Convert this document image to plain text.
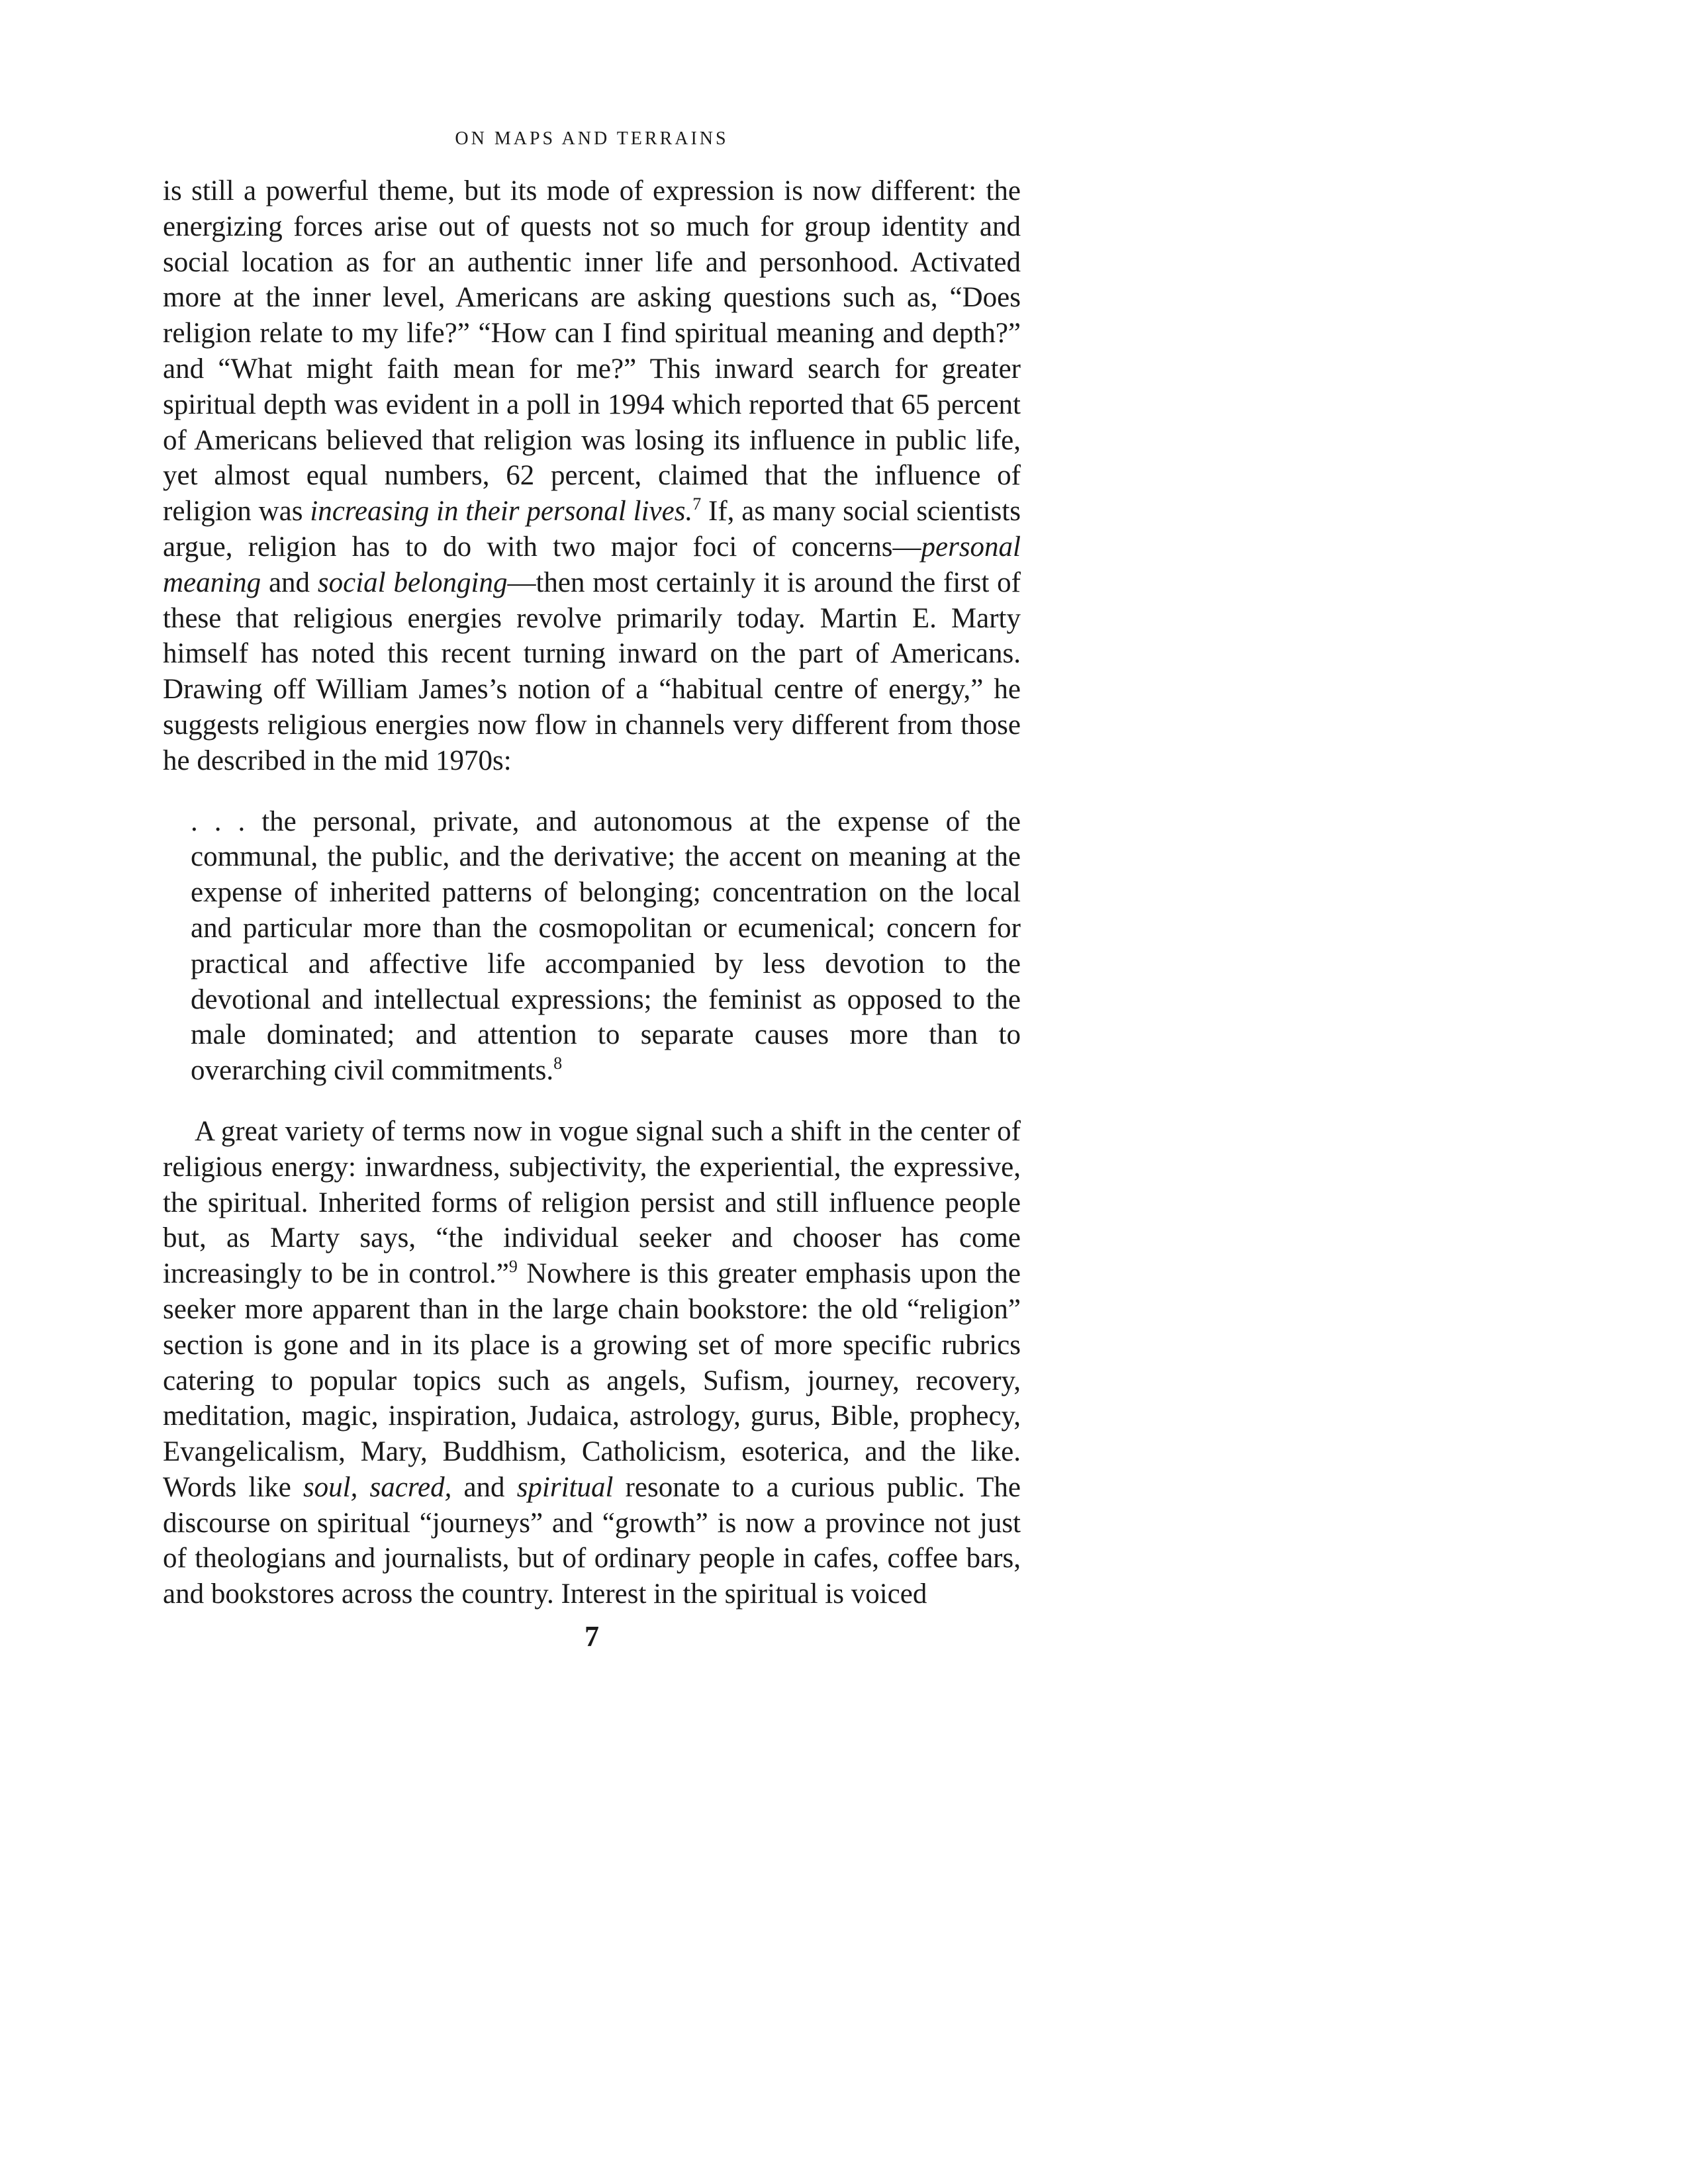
ON MAPS AND TERRAINS

is still a powerful theme, but its mode of expression is now different: the energizing forces arise out of quests not so much for group identity and social location as for an authentic inner life and personhood. Activated more at the inner level, Americans are asking questions such as, “Does religion relate to my life?” “How can I find spiritual meaning and depth?” and “What might faith mean for me?” This inward search for greater spiritual depth was evident in a poll in 1994 which reported that 65 percent of Americans believed that religion was losing its influence in public life, yet almost equal numbers, 62 percent, claimed that the influence of religion was increasing in their personal lives.$^7$ If, as many social scientists argue, religion has to do with two major foci of concerns—personal meaning and social belonging—then most certainly it is around the first of these that religious energies revolve primarily today. Martin E. Marty himself has noted this recent turning inward on the part of Americans. Drawing off William James’s notion of a “habitual centre of energy,” he suggests religious energies now flow in channels very different from those he described in the mid 1970s:

. . . the personal, private, and autonomous at the expense of the communal, the public, and the derivative; the accent on meaning at the expense of inherited patterns of belonging; concentration on the local and particular more than the cosmopolitan or ecumenical; concern for practical and affective life accompanied by less devotion to the devotional and intellectual expressions; the feminist as opposed to the male dominated; and attention to separate causes more than to overarching civil commitments.$^8$

A great variety of terms now in vogue signal such a shift in the center of religious energy: inwardness, subjectivity, the experiential, the expressive, the spiritual. Inherited forms of religion persist and still influence people but, as Marty says, “the individual seeker and chooser has come increasingly to be in control.”$^9$ Nowhere is this greater emphasis upon the seeker more apparent than in the large chain bookstore: the old “religion” section is gone and in its place is a growing set of more specific rubrics catering to popular topics such as angels, Sufism, journey, recovery, meditation, magic, inspiration, Judaica, astrology, gurus, Bible, prophecy, Evangelicalism, Mary, Buddhism, Catholicism, esoterica, and the like. Words like soul, sacred, and spiritual resonate to a curious public. The discourse on spiritual “journeys” and “growth” is now a province not just of theologians and journalists, but of ordinary people in cafes, coffee bars, and bookstores across the country. Interest in the spiritual is voiced

7
